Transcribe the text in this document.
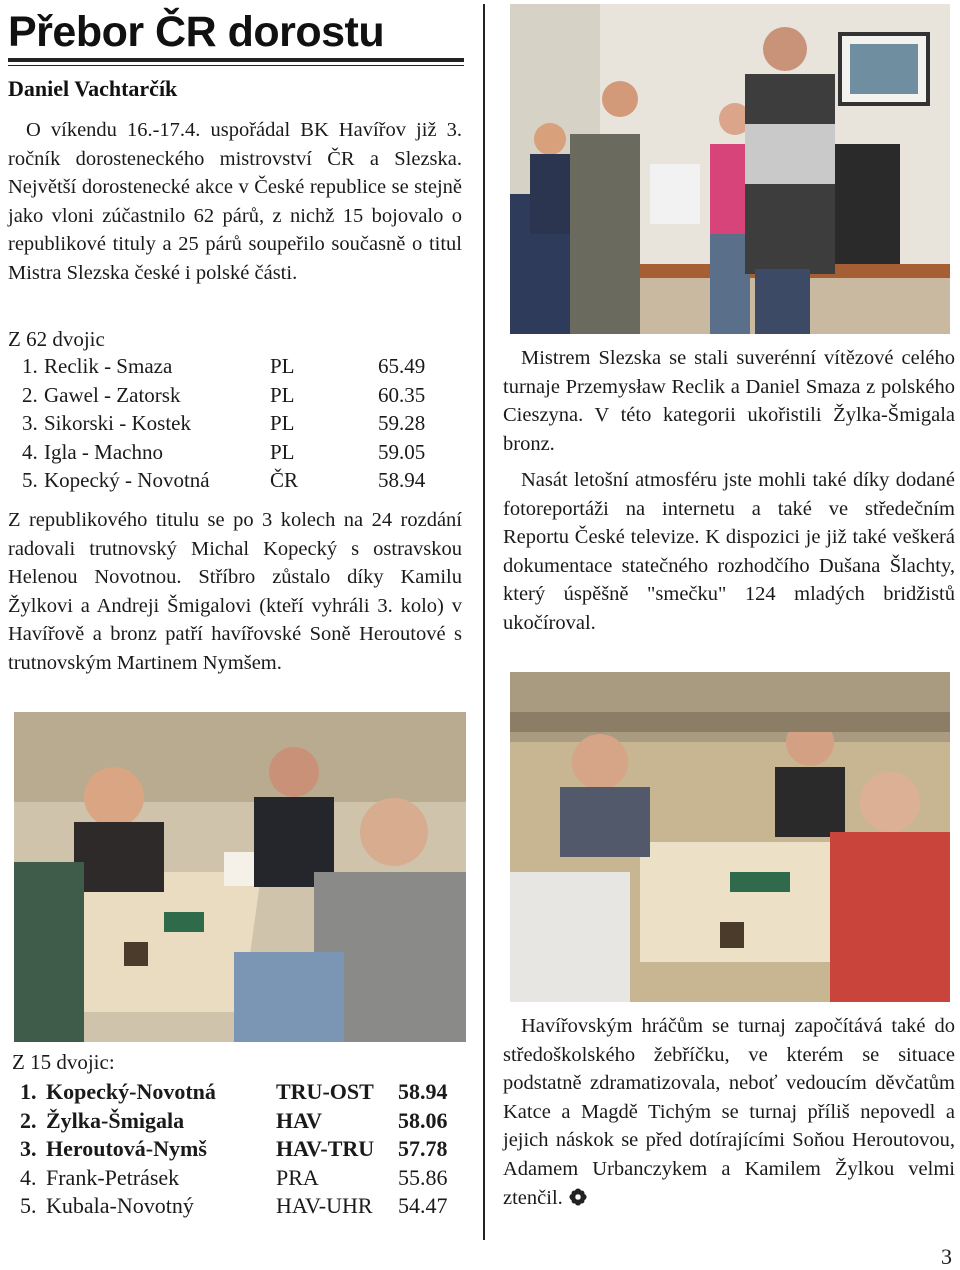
Přebor ČR dorostu
Daniel Vachtarčík

O víkendu 16.-17.4. uspořádal BK Havířov již 3. ročník dorosteneckého mistrovství ČR a Slezska. Největší dorostenecké akce v České republice se stejně jako vloni zúčastnilo 62 párů, z nichž 15 bojovalo o republikové tituly a 25 párů soupeřilo současně o titul Mistra Slezska české i polské části.

Z 62 dvojic
1. Reclik - Smaza	PL	65.49
2. Gawel - Zatorsk	PL	60.35
3. Sikorski - Kostek	PL	59.28
4. Igla - Machno	PL	59.05
5. Kopecký - Novotná	ČR	58.94

Z republikového titulu se po 3 kolech na 24 rozdání radovali trutnovský Michal Kopecký s ostravskou Helenou Novotnou. Stříbro zůstalo díky Kamilu Žylkovi a Andreji Šmigalovi (kteří vyhráli 3. kolo) v Havířově a bronz patří havířovské Soně Heroutové s trutnovským Martinem Nymšem.

Mistrem Slezska se stali suverénní vítězové celého turnaje Przemysław Reclik a Daniel Smaza z polského Cieszyna. V této kategorii ukořistili Žylka-Šmigala bronz.

Nasát letošní atmosféru jste mohli také díky dodané fotoreportáži na internetu a také ve středečním Reportu České televize. K dispozici je již také veškerá dokumentace statečného rozhodčího Dušana Šlachty, který úspěšně "smečku" 124 mladých bridžistů ukočíroval.

Z 15 dvojic:
1. Kopecký-Novotná	TRU-OST 58.94
2. Žylka-Šmigala	HAV	58.06
3. Heroutová-Nymš	HAV-TRU 57.78
4. Frank-Petrásek	PRA	55.86
5. Kubala-Novotný	HAV-UHR 54.47

Havířovským hráčům se turnaj započítává také do středoškolského žebříčku, ve kterém se situace podstatně zdramatizovala, neboť vedoucím děvčatům Katce a Magdě Tichým se turnaj příliš nepovedl a jejich náskok se před dotírajícími Soňou Heroutovou, Adamem Urbanczykem a Kamilem Žylkou velmi ztenčil.

3
